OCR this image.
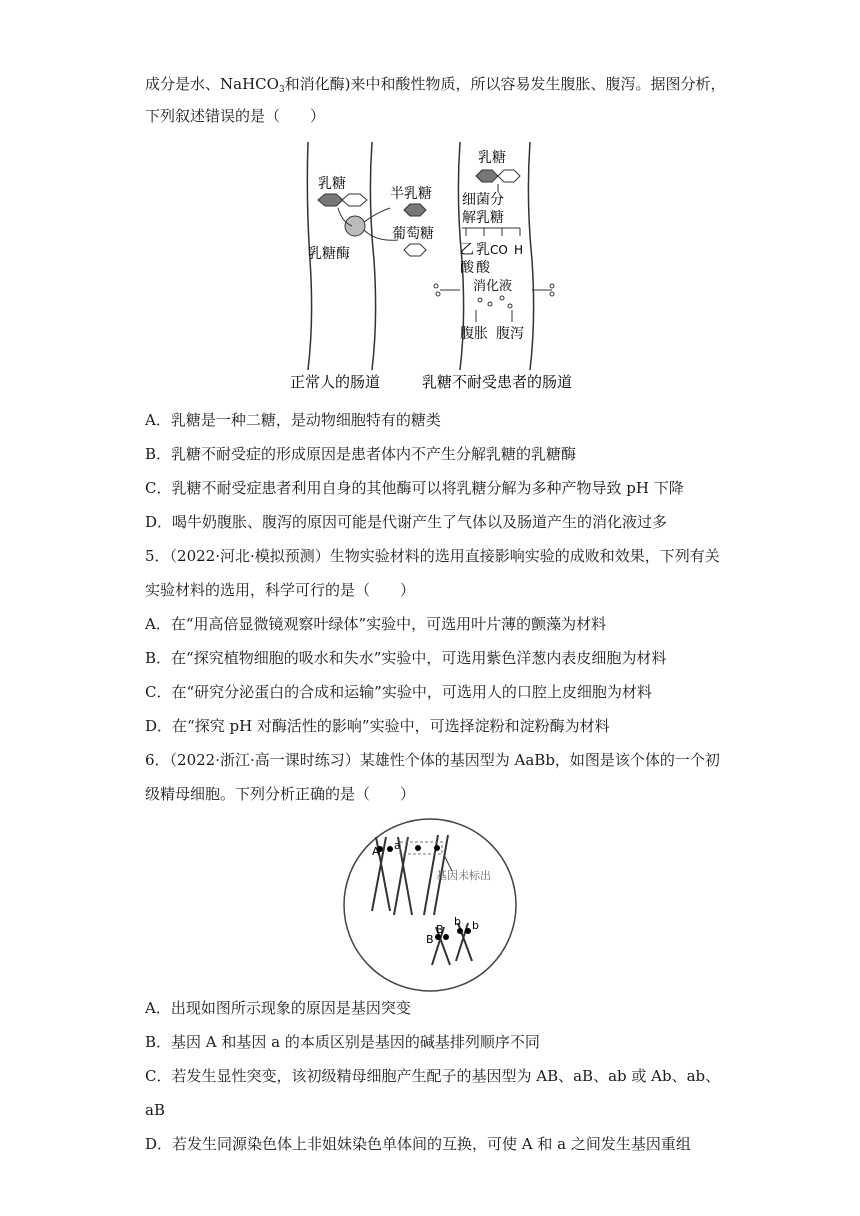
成分是水、NaHCO$^3$和消化酶)来中和酸性物质，所以容易发生腹胀、腹泻。据图分析，
下列叙述错误的是（　　）
乳糖
乳糖酶
半乳糖
葡萄糖
乳糖
细菌分
解乳糖
乙
酸
乳
酸
CO H
消化液
腹胀 腹泻
正常人的肠道	乳糖不耐受患者的肠道
A．乳糖是一种二糖，是动物细胞特有的糖类
B．乳糖不耐受症的形成原因是患者体内不产生分解乳糖的乳糖酶
C．乳糖不耐受症患者利用自身的其他酶可以将乳糖分解为多种产物导致 pH 下降
D．喝牛奶腹胀、腹泻的原因可能是代谢产生了气体以及肠道产生的消化液过多
5．（2022·河北·模拟预测）生物实验材料的选用直接影响实验的成败和效果，下列有关
实验材料的选用，科学可行的是（　　）
A．在“用高倍显微镜观察叶绿体”实验中，可选用叶片薄的颤藻为材料
B．在“探究植物细胞的吸水和失水”实验中，可选用紫色洋葱内表皮细胞为材料
C．在“研究分泌蛋白的合成和运输”实验中，可选用人的口腔上皮细胞为材料
D．在“探究 pH 对酶活性的影响”实验中，可选择淀粉和淀粉酶为材料
6．（2022·浙江·高一课时练习）某雄性个体的基因型为 AaBb，如图是该个体的一个初
级精母细胞。下列分析正确的是（　　）
A a
基因未标出
B
B
b b
A．出现如图所示现象的原因是基因突变
B．基因 A 和基因 a 的本质区别是基因的碱基排列顺序不同
C．若发生显性突变，该初级精母细胞产生配子的基因型为 AB、aB、ab 或 Ab、ab、
aB
D．若发生同源染色体上非姐妹染色单体间的互换，可使 A 和 a 之间发生基因重组
